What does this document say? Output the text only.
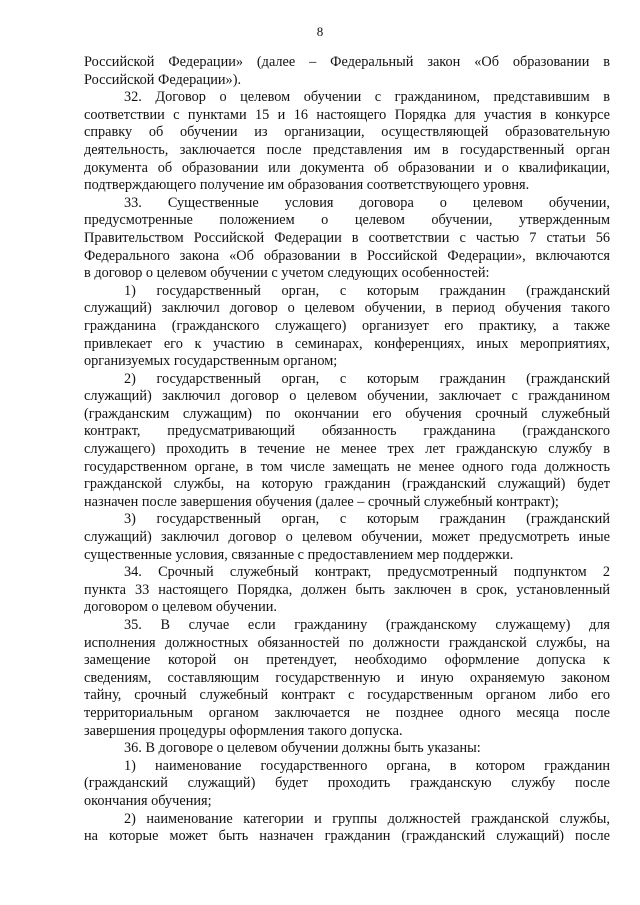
8
Российской Федерации» (далее – Федеральный закон «Об образовании в
Российской Федерации»).
32. Договор о целевом обучении с гражданином, представившим в
соответствии с пунктами 15 и 16 настоящего Порядка для участия в конкурсе
справку об обучении из организации, осуществляющей образовательную
деятельность, заключается после представления им в государственный орган
документа об образовании или документа об образовании и о квалификации,
подтверждающего получение им образования соответствующего уровня.
33. Существенные условия договора о целевом обучении,
предусмотренные положением о целевом обучении, утвержденным
Правительством Российской Федерации в соответствии с частью 7 статьи 56
Федерального закона «Об образовании в Российской Федерации», включаются
в договор о целевом обучении с учетом следующих особенностей:
1) государственный орган, с которым гражданин (гражданский
служащий) заключил договор о целевом обучении, в период обучения такого
гражданина (гражданского служащего) организует его практику, а также
привлекает его к участию в семинарах, конференциях, иных мероприятиях,
организуемых государственным органом;
2) государственный орган, с которым гражданин (гражданский
служащий) заключил договор о целевом обучении, заключает с гражданином
(гражданским служащим) по окончании его обучения срочный служебный
контракт, предусматривающий обязанность гражданина (гражданского
служащего) проходить в течение не менее трех лет гражданскую службу в
государственном органе, в том числе замещать не менее одного года должность
гражданской службы, на которую гражданин (гражданский служащий) будет
назначен после завершения обучения (далее – срочный служебный контракт);
3) государственный орган, с которым гражданин (гражданский
служащий) заключил договор о целевом обучении, может предусмотреть иные
существенные условия, связанные с предоставлением мер поддержки.
34. Срочный служебный контракт, предусмотренный подпунктом 2
пункта 33 настоящего Порядка, должен быть заключен в срок, установленный
договором о целевом обучении.
35. В случае если гражданину (гражданскому служащему) для
исполнения должностных обязанностей по должности гражданской службы, на
замещение которой он претендует, необходимо оформление допуска к
сведениям, составляющим государственную и иную охраняемую законом
тайну, срочный служебный контракт с государственным органом либо его
территориальным органом заключается не позднее одного месяца после
завершения процедуры оформления такого допуска.
36. В договоре о целевом обучении должны быть указаны:
1) наименование государственного органа, в котором гражданин
(гражданский служащий) будет проходить гражданскую службу после
окончания обучения;
2) наименование категории и группы должностей гражданской службы,
на которые может быть назначен гражданин (гражданский служащий) после
